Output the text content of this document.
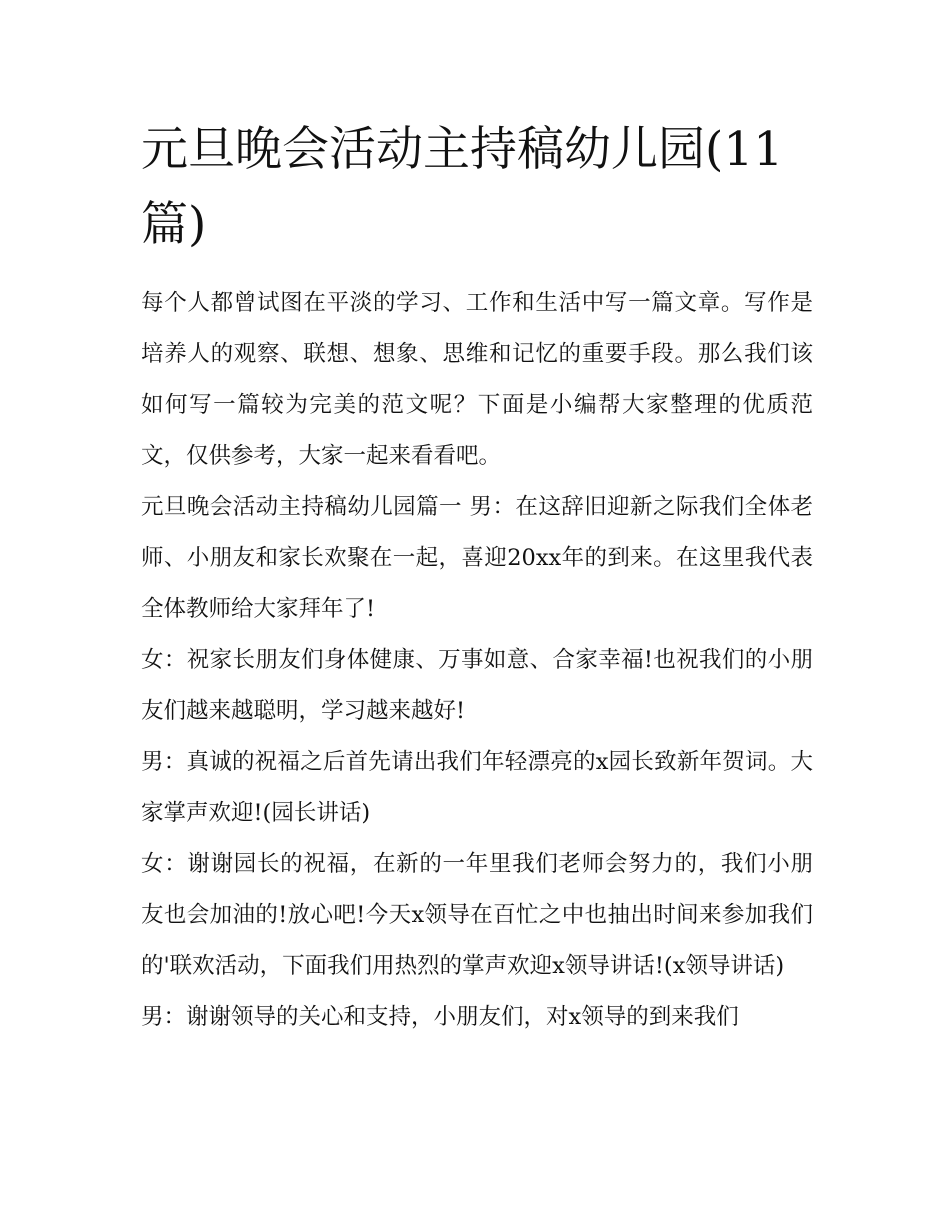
元旦晚会活动主持稿幼儿园(11篇)

每个人都曾试图在平淡的学习、工作和生活中写一篇文章。写作是培养人的观察、联想、想象、思维和记忆的重要手段。那么我们该如何写一篇较为完美的范文呢？下面是小编帮大家整理的优质范文，仅供参考，大家一起来看看吧。

元旦晚会活动主持稿幼儿园篇一 男：在这辞旧迎新之际我们全体老师、小朋友和家长欢聚在一起，喜迎20xx年的到来。在这里我代表全体教师给大家拜年了!

女：祝家长朋友们身体健康、万事如意、合家幸福!也祝我们的小朋友们越来越聪明，学习越来越好!

男：真诚的祝福之后首先请出我们年轻漂亮的x园长致新年贺词。大家掌声欢迎!(园长讲话)

女：谢谢园长的祝福，在新的一年里我们老师会努力的，我们小朋友也会加油的!放心吧!今天x领导在百忙之中也抽出时间来参加我们的'联欢活动，下面我们用热烈的掌声欢迎x领导讲话!(x领导讲话)

男：谢谢领导的关心和支持，小朋友们，对x领导的到来我们
